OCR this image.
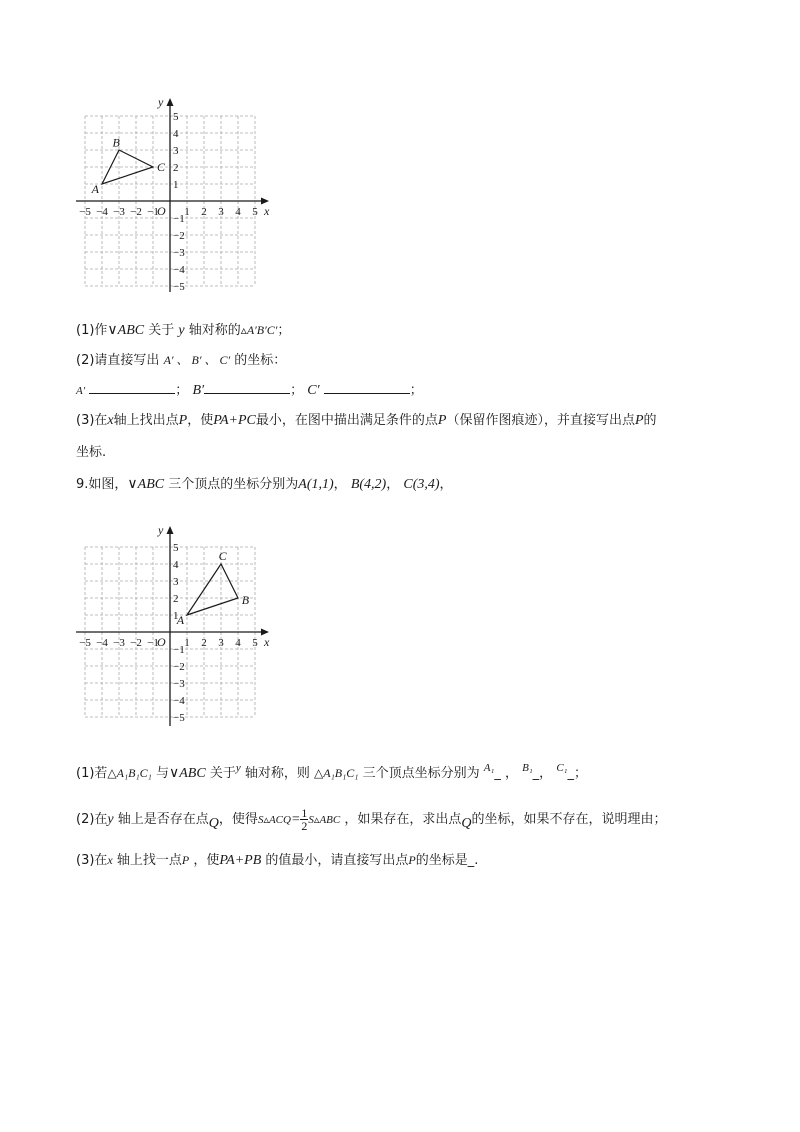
x
y
O
−5 −4 −3 −2 −1 1 2 3 4 5
5
4
3
2
1
−1
−2
−3
−4
−5
A
B
C
(1)作∨ABC 关于 y 轴对称的▵A′B′C′；
(2)请直接写出 A′ 、 B′ 、 C′ 的坐标：
A′	； B′	； C′	；
(3)在x轴上找出点P，使PA+PC最小，在图中描出满足条件的点P（保留作图痕迹），并直接写出点P的
坐标.
9.如图，∨ABC 三个顶点的坐标分别为A(1,1)， B(4,2)， C(3,4)，
x
y
O
−5 −4 −3 −2 −1 1 2 3 4 5
5
4
3
2
1
−1
−2
−3
−4
−5
A
B
C
(1)若△A₁B₁C₁ 与∨ABC 关于$^y$ 轴对称，则 △A₁B₁C₁ 三个顶点坐标分别为 $^{A_1}$_ ， $^{B_1}$_， $^{C_1}$_；
(2)在y 轴上是否存在点Q，使得S▵ACQ= $\frac{1}{2}$ S▵ABC ，如果存在，求出点Q的坐标，如果不存在，说明理由；
(3)在x 轴上找一点P ，使PA+PB 的值最小，请直接写出点P的坐标是_.
